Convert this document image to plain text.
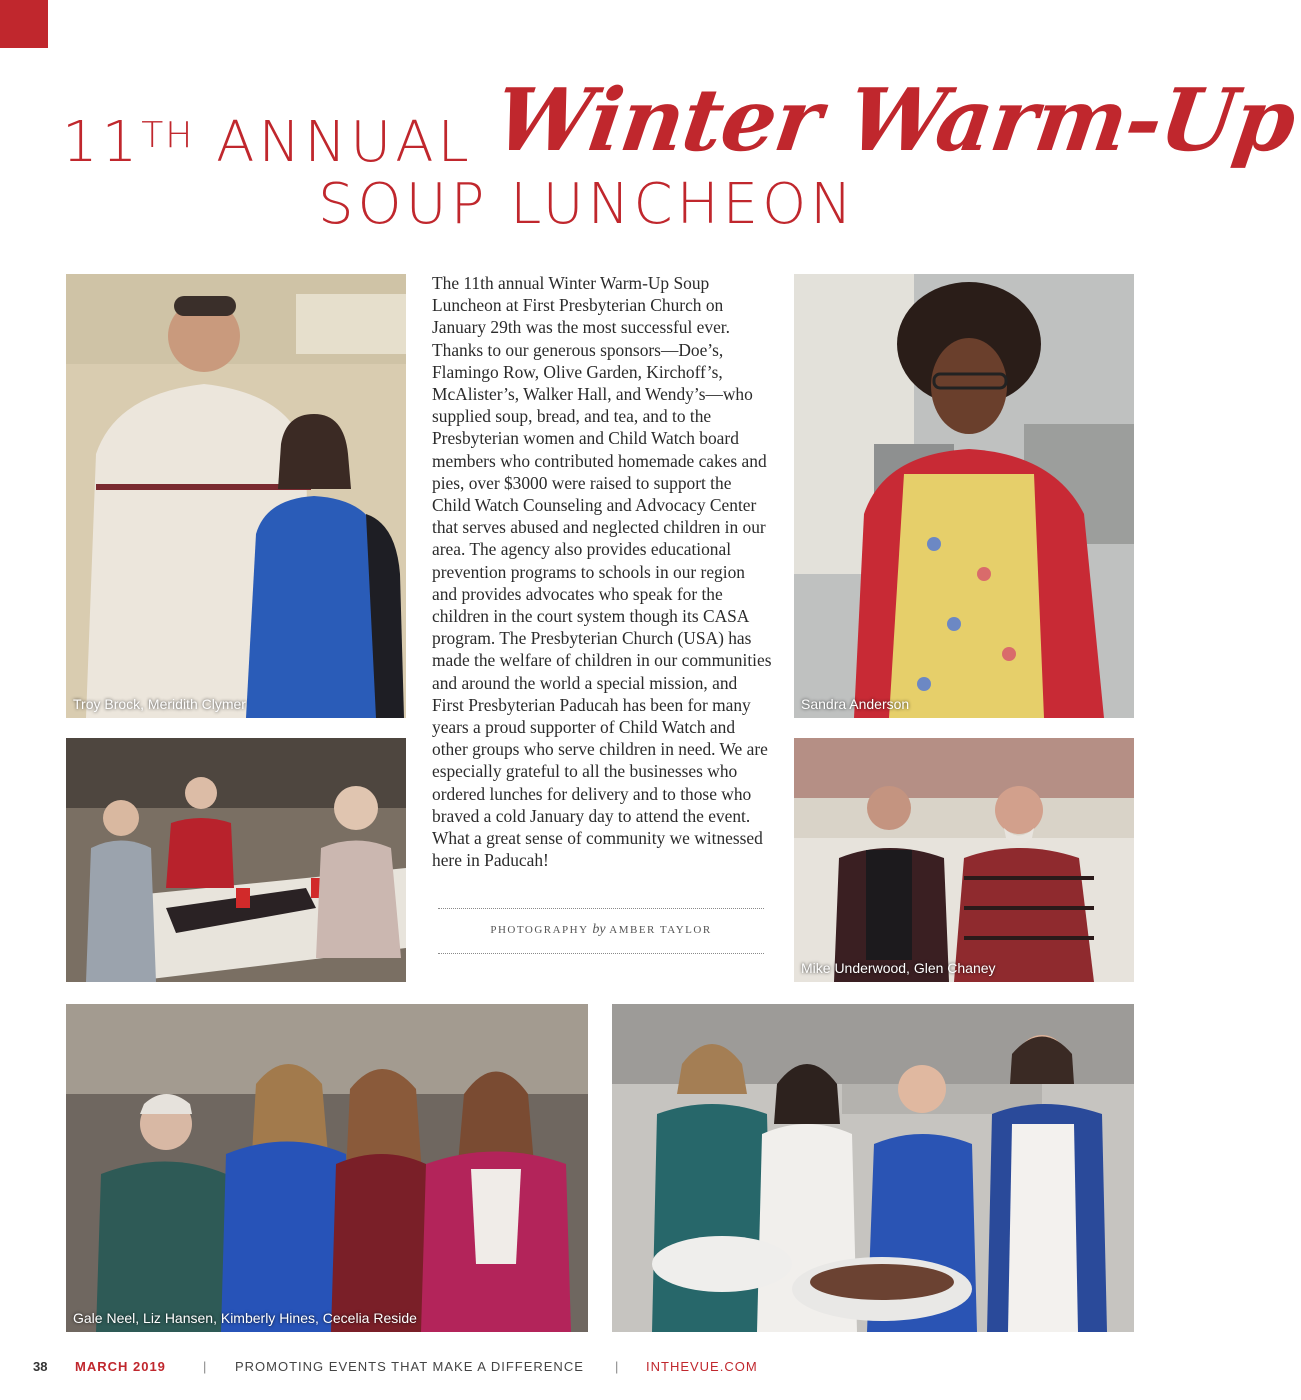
11TH ANNUAL Winter Warm-Up
SOUP LUNCHEON
Troy Brock, Meridith Clymer	Sandra Anderson
Mike Underwood, Glen Chaney
Gale Neel, Liz Hansen, Kimberly Hines, Cecelia Reside

The 11th annual Winter Warm-Up Soup Luncheon at First Presbyterian Church on January 29th was the most successful ever. Thanks to our generous sponsors—Doe’s, Flamingo Row, Olive Garden, Kirchoff’s, McAlister’s, Walker Hall, and Wendy’s—who supplied soup, bread, and tea, and to the Presbyterian women and Child Watch board members who contributed homemade cakes and pies, over $3000 were raised to support the Child Watch Counseling and Advocacy Center that serves abused and neglected children in our area. The agency also provides educational prevention programs to schools in our region and provides advocates who speak for the children in the court system though its CASA program. The Presbyterian Church (USA) has made the welfare of children in our communities and around the world a special mission, and First Presbyterian Paducah has been for many years a proud supporter of Child Watch and other groups who serve children in need. We are especially grateful to all the businesses who ordered lunches for delivery and to those who braved a cold January day to attend the event. What a great sense of community we witnessed here in Paducah!

PHOTOGRAPHY by AMBER TAYLOR
38 MARCH 2019	| PROMOTING EVENTS THAT MAKE A DIFFERENCE | INTHEVUE.COM
